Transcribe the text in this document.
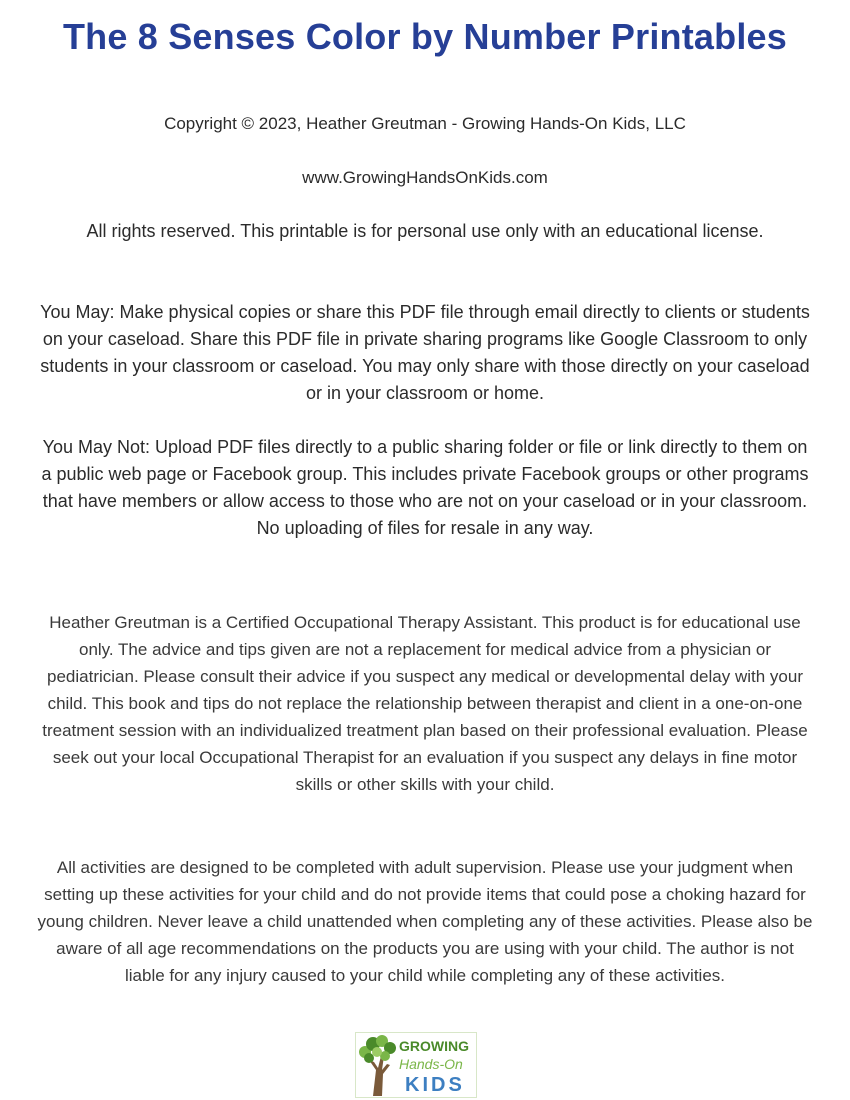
The 8 Senses Color by Number Printables

Copyright © 2023, Heather Greutman - Growing Hands-On Kids, LLC

www.GrowingHandsOnKids.com

All rights reserved. This printable is for personal use only with an educational license.

You May: Make physical copies or share this PDF file through email directly to clients or students on your caseload. Share this PDF file in private sharing programs like Google Classroom to only students in your classroom or caseload. You may only share with those directly on your caseload or in your classroom or home.

You May Not: Upload PDF files directly to a public sharing folder or file or link directly to them on a public web page or Facebook group. This includes private Facebook groups or other programs that have members or allow access to those who are not on your caseload or in your classroom. No uploading of files for resale in any way.

Heather Greutman is a Certified Occupational Therapy Assistant. This product is for educational use only. The advice and tips given are not a replacement for medical advice from a physician or pediatrician. Please consult their advice if you suspect any medical or developmental delay with your child. This book and tips do not replace the relationship between therapist and client in a one-on-one treatment session with an individualized treatment plan based on their professional evaluation. Please seek out your local Occupational Therapist for an evaluation if you suspect any delays in fine motor skills or other skills with your child.

All activities are designed to be completed with adult supervision. Please use your judgment when setting up these activities for your child and do not provide items that could pose a choking hazard for young children. Never leave a child unattended when completing any of these activities. Please also be aware of all age recommendations on the products you are using with your child. The author is not liable for any injury caused to your child while completing any of these activities.

GROWING
Hands-On
KIDS
